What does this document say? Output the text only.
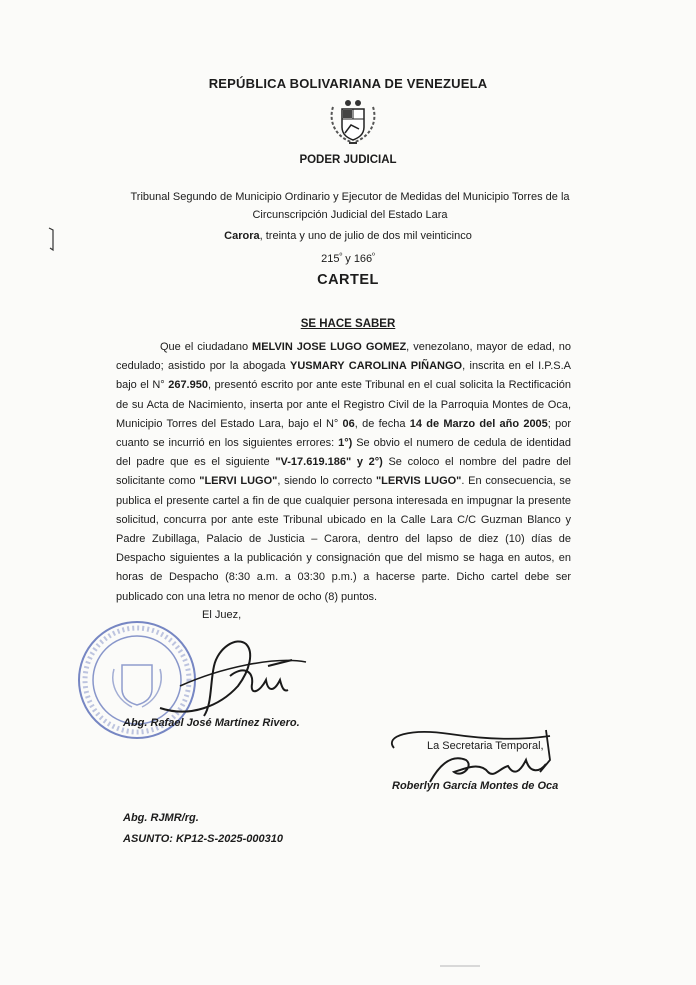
REPÚBLICA BOLIVARIANA DE VENEZUELA
PODER JUDICIAL
Tribunal Segundo de Municipio Ordinario y Ejecutor de Medidas del Municipio Torres de la
Circunscripción Judicial del Estado Lara
Carora, treinta y uno de julio de dos mil veinticinco
$215^º$ y $166^º$
CARTEL
SE HACE SABER
Que el ciudadano MELVIN JOSE LUGO GOMEZ, venezolano, mayor de edad, no cedulado; asistido por la abogada YUSMARY CAROLINA PIÑANGO, inscrita en el I.P.S.A bajo el N° 267.950, presentó escrito por ante este Tribunal en el cual solicita la Rectificación de su Acta de Nacimiento, inserta por ante el Registro Civil de la Parroquia Montes de Oca, Municipio Torres del Estado Lara, bajo el N° 06, de fecha 14 de Marzo del año 2005; por cuanto se incurrió en los siguientes errores: 1°) Se obvio el numero de cedula de identidad del padre que es el siguiente "V-17.619.186" y 2°) Se coloco el nombre del padre del solicitante como "LERVI LUGO", siendo lo correcto "LERVIS LUGO". En consecuencia, se publica el presente cartel a fin de que cualquier persona interesada en impugnar la presente solicitud, concurra por ante este Tribunal ubicado en la Calle Lara C/C Guzman Blanco y Padre Zubillaga, Palacio de Justicia – Carora, dentro del lapso de diez (10) días de Despacho siguientes a la publicación y consignación que del mismo se haga en autos, en horas de Despacho (8:30 a.m. a 03:30 p.m.) a hacerse parte. Dicho cartel debe ser publicado con una letra no menor de ocho (8) puntos.
El Juez,
Abg. Rafael José Martínez Rivero.
La Secretaria Temporal,
Roberlyn García Montes de Oca
Abg. RJMR/rg.
ASUNTO: KP12-S-2025-000310
